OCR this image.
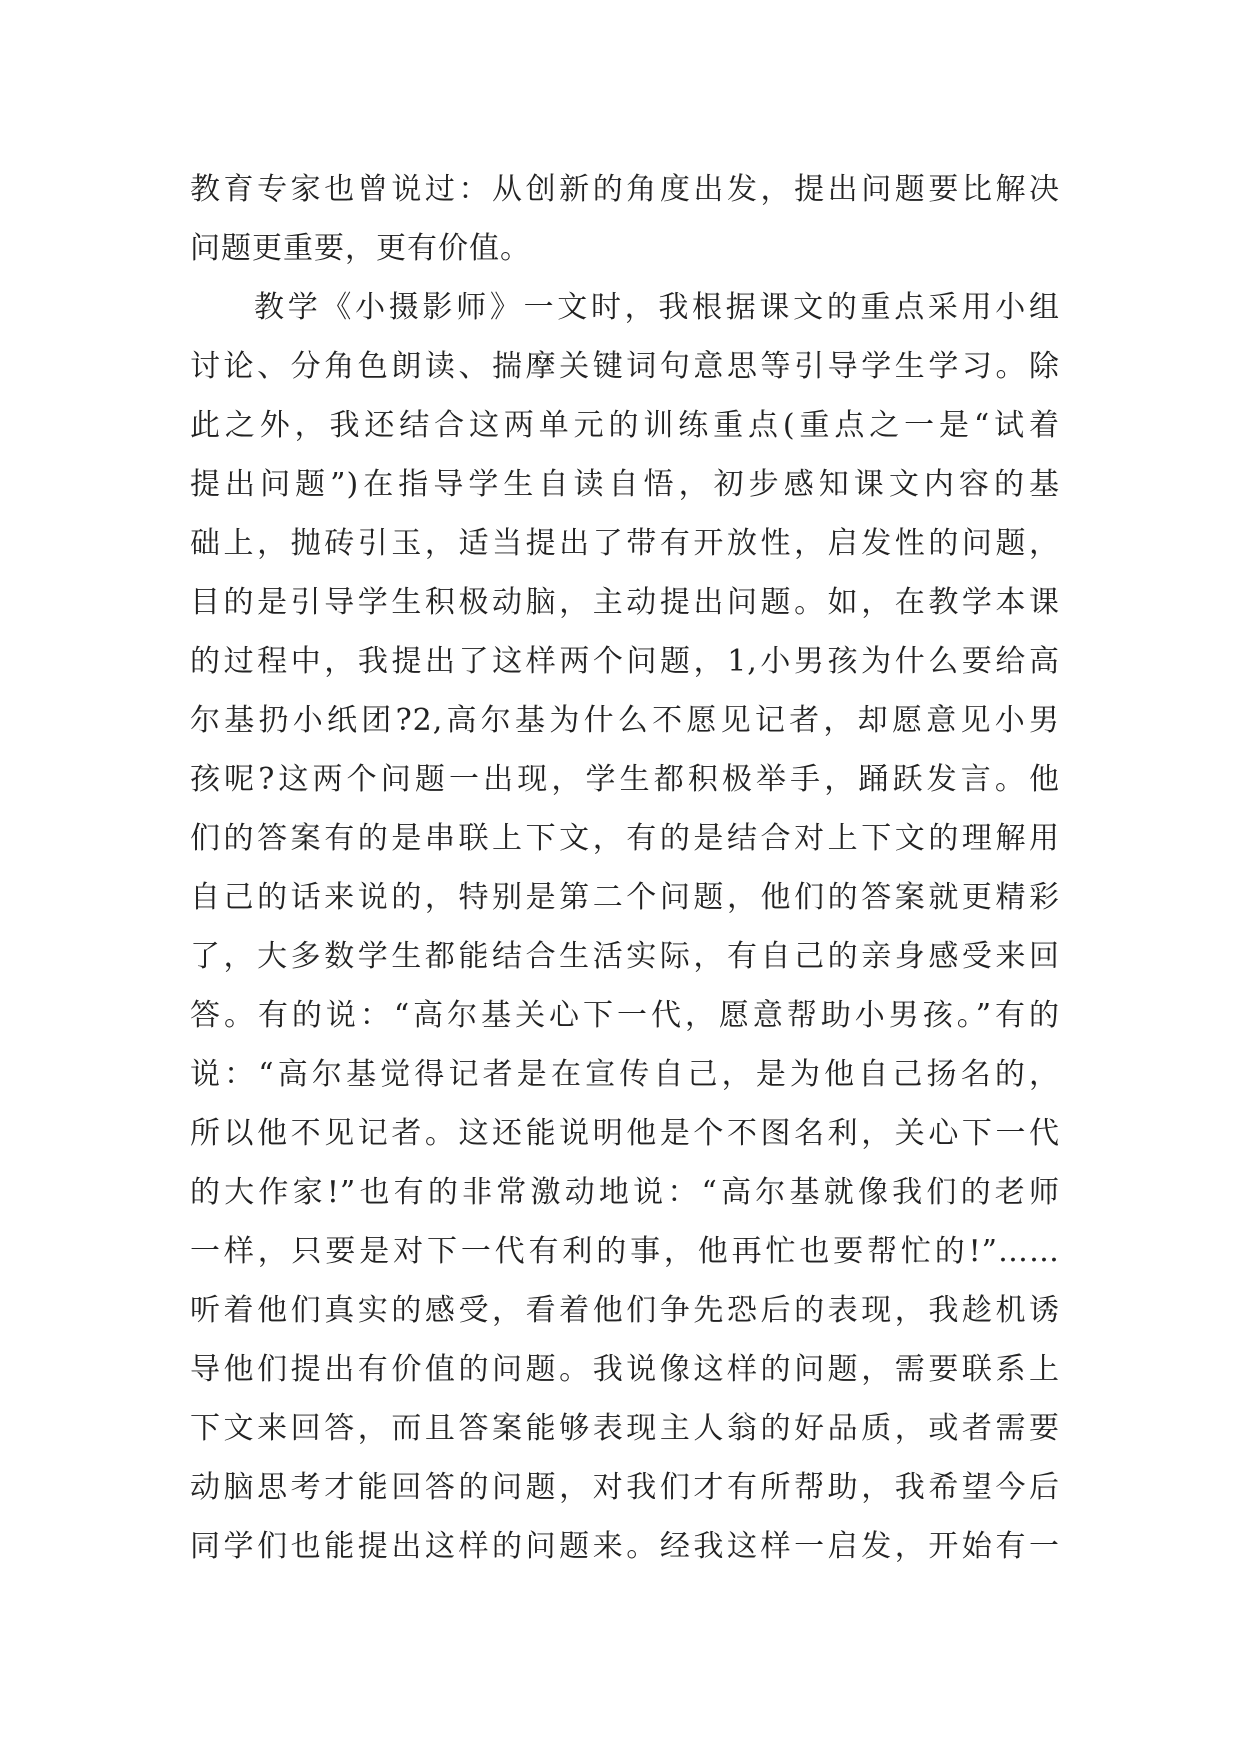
教育专家也曾说过：从创新的角度出发，提出问题要比解决
问题更重要，更有价值。
教学《小摄影师》一文时，我根据课文的重点采用小组
讨论、分角色朗读、揣摩关键词句意思等引导学生学习。除
此之外，我还结合这两单元的训练重点(重点之一是“试着
提出问题”)在指导学生自读自悟，初步感知课文内容的基
础上，抛砖引玉，适当提出了带有开放性，启发性的问题，
目的是引导学生积极动脑，主动提出问题。如，在教学本课
的过程中，我提出了这样两个问题，1,小男孩为什么要给高
尔基扔小纸团?2,高尔基为什么不愿见记者，却愿意见小男
孩呢?这两个问题一出现，学生都积极举手，踊跃发言。他
们的答案有的是串联上下文，有的是结合对上下文的理解用
自己的话来说的，特别是第二个问题，他们的答案就更精彩
了，大多数学生都能结合生活实际，有自己的亲身感受来回
答。有的说：“高尔基关心下一代，愿意帮助小男孩。”有的
说：“高尔基觉得记者是在宣传自己，是为他自己扬名的，
所以他不见记者。这还能说明他是个不图名利，关心下一代
的大作家!”也有的非常激动地说：“高尔基就像我们的老师
一样，只要是对下一代有利的事，他再忙也要帮忙的!”……
听着他们真实的感受，看着他们争先恐后的表现，我趁机诱
导他们提出有价值的问题。我说像这样的问题，需要联系上
下文来回答，而且答案能够表现主人翁的好品质，或者需要
动脑思考才能回答的问题，对我们才有所帮助，我希望今后
同学们也能提出这样的问题来。经我这样一启发，开始有一
